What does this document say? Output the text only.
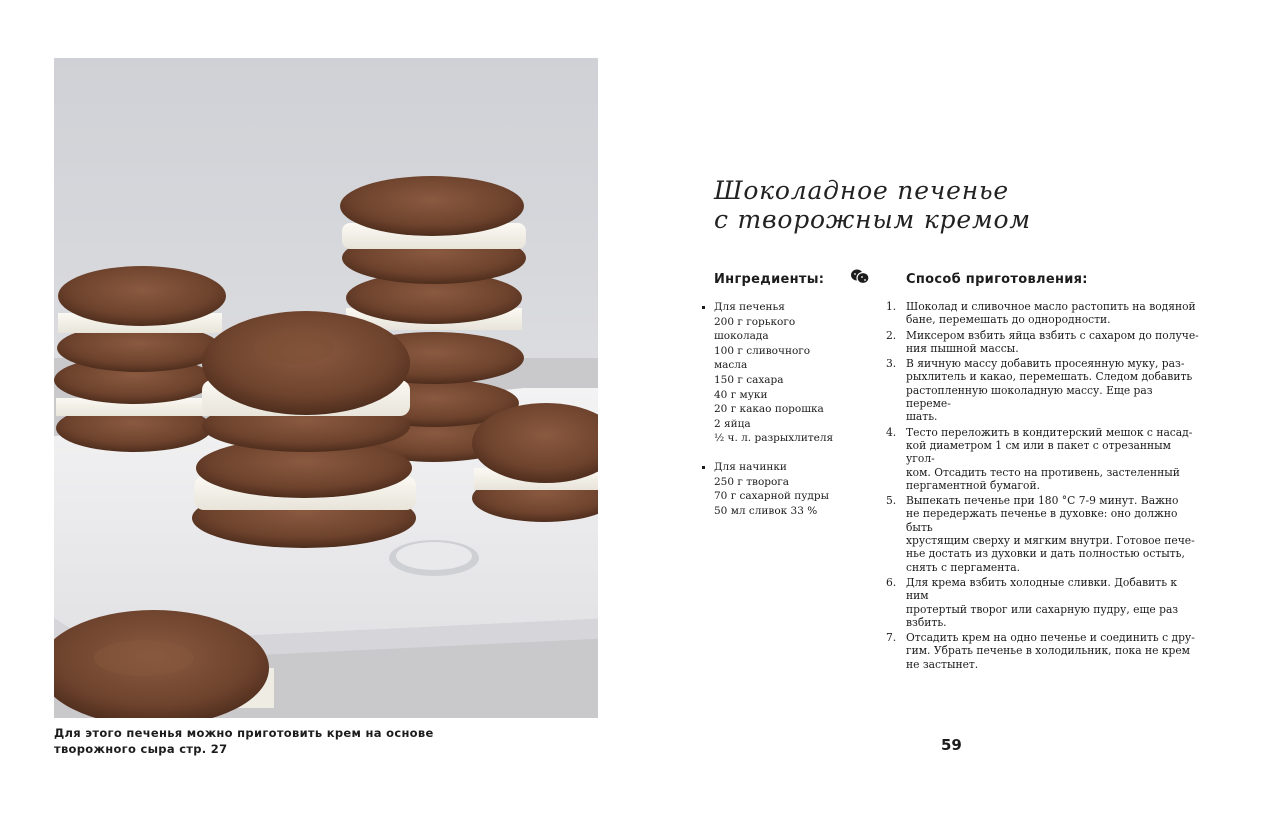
Для этого печенья можно приготовить крем на основе творожного сыра стр. 27

Шоколадное печенье
с творожным кремом
Ингредиенты:	Способ приготовления:
Для печенья
200 г горького
шоколада
100 г сливочного
масла
150 г сахара
40 г муки
20 г какао порошка
2 яйца
½ ч. л. разрыхлителя
Для начинки
250 г творога
70 г сахарной пудры
50 мл сливок 33 %
1. Шоколад и сливочное масло растопить на водяной
бане, перемешать до однородности.
2. Миксером взбить яйца взбить с сахаром до получе-
ния пышной массы.
3. В яичную массу добавить просеянную муку, раз-
рыхлитель и какао, перемешать. Следом добавить
растопленную шоколадную массу. Еще раз переме-
шать.
4. Тесто переложить в кондитерский мешок с насад-
кой диаметром 1 см или в пакет с отрезанным угол-
ком. Отсадить тесто на противень, застеленный
пергаментной бумагой.
5. Выпекать печенье при 180 °С 7-9 минут. Важно
не передержать печенье в духовке: оно должно быть
хрустящим сверху и мягким внутри. Готовое пече-
нье достать из духовки и дать полностью остыть,
снять с пергамента.
6. Для крема взбить холодные сливки. Добавить к ним
протертый творог или сахарную пудру, еще раз
взбить.
7. Отсадить крем на одно печенье и соединить с дру-
гим. Убрать печенье в холодильник, пока не крем
не застынет.

59
